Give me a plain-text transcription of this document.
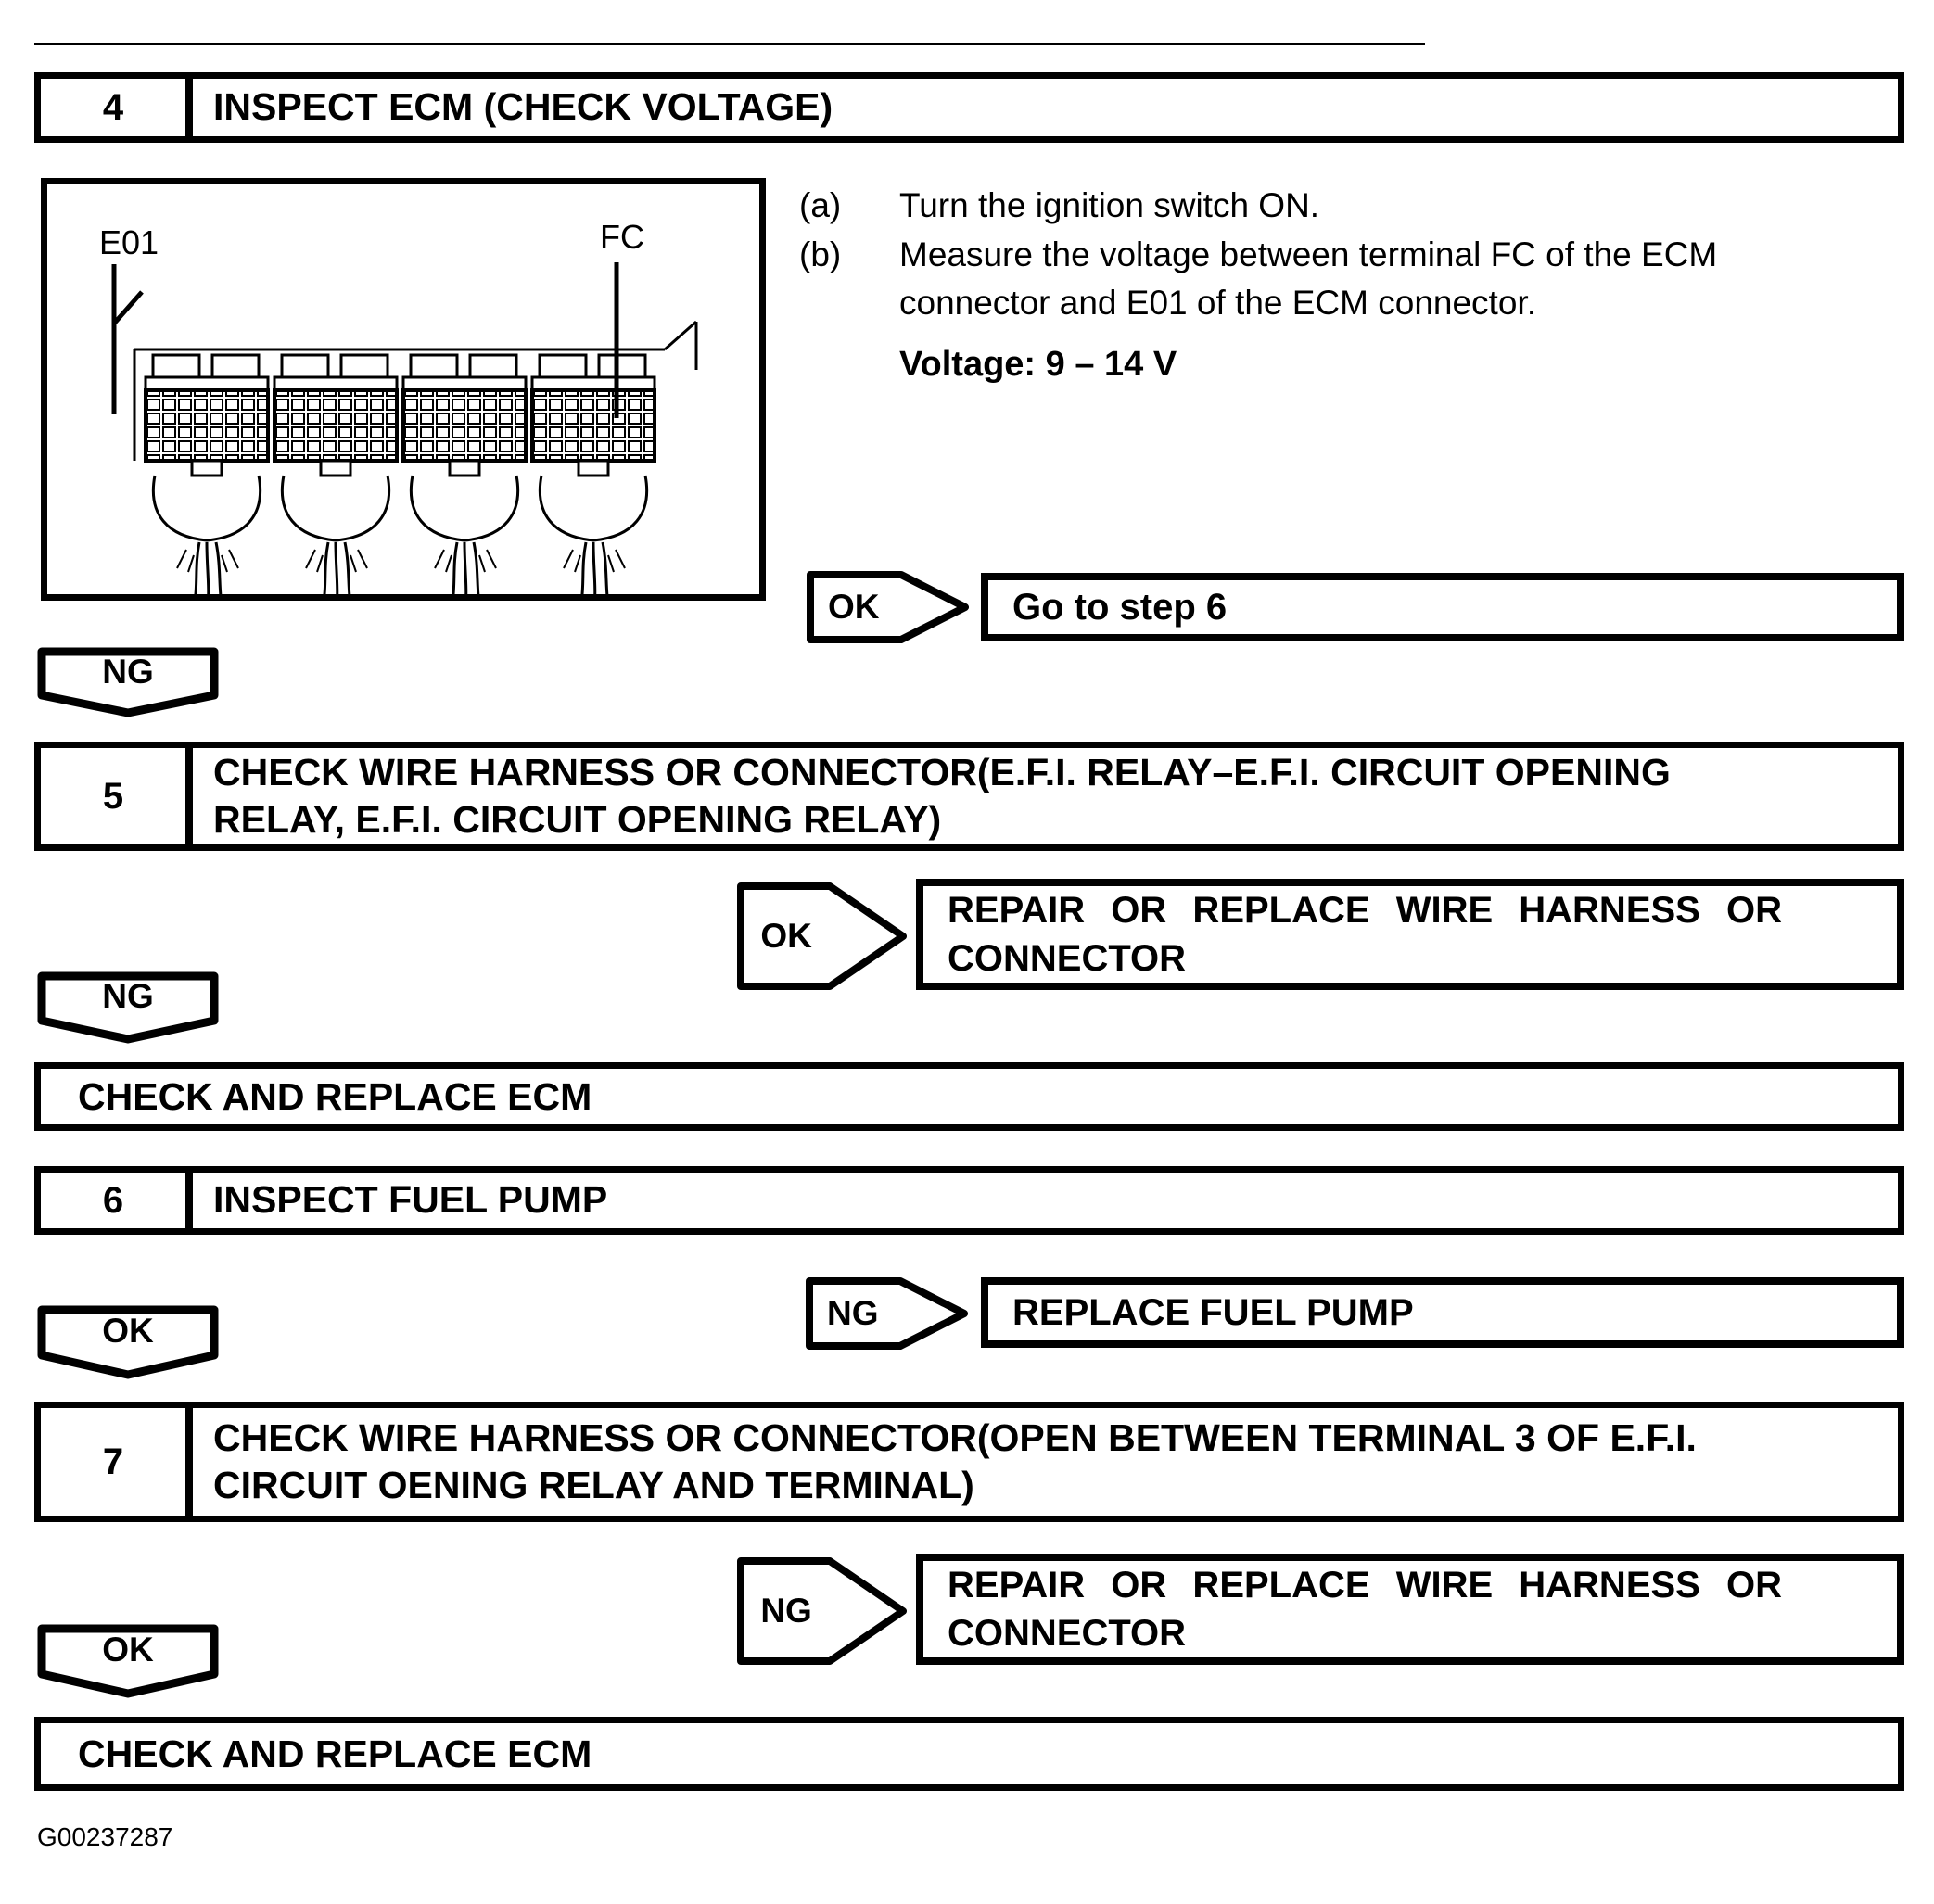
4	INSPECT ECM (CHECK VOLTAGE)
E01	FC
(a)	Turn the ignition switch ON.
(b)	Measure the voltage between terminal FC of the ECM
connector and E01 of the ECM connector.
Voltage: 9 – 14 V
OK	Go to step 6
NG
5
CHECK WIRE HARNESS OR CONNECTOR(E.F.I. RELAY–E.F.I. CIRCUIT OPENING
RELAY, E.F.I. CIRCUIT OPENING RELAY)
OK
REPAIR OR REPLACE WIRE HARNESS OR
CONNECTOR
NG
CHECK AND REPLACE ECM
6	INSPECT FUEL PUMP
NG	REPLACE FUEL PUMP
OK
7
CHECK WIRE HARNESS OR CONNECTOR(OPEN BETWEEN TERMINAL 3 OF E.F.I.
CIRCUIT OENING RELAY AND TERMINAL)
NG
REPAIR OR REPLACE WIRE HARNESS OR
CONNECTOR
OK
CHECK AND REPLACE ECM
G00237287
